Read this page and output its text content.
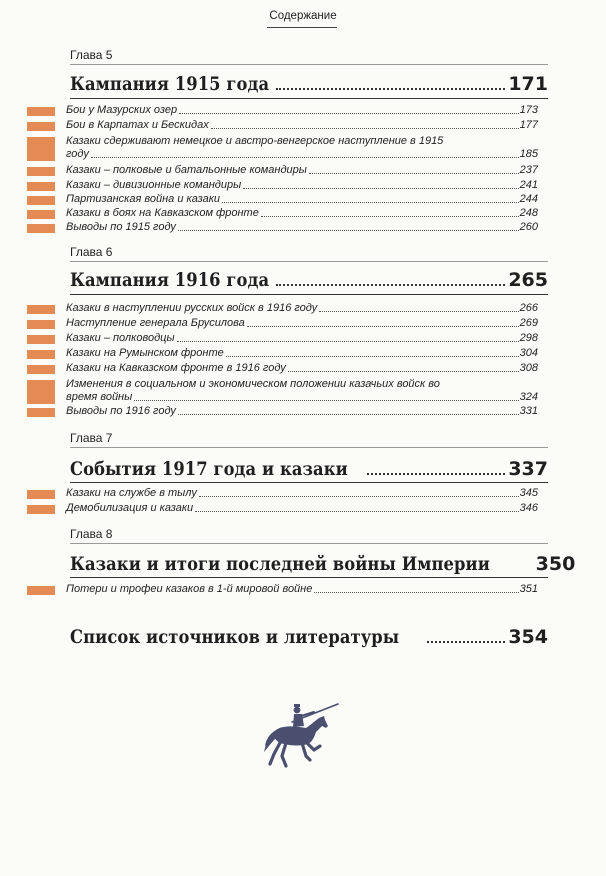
Содержание
Глава 5
Кампания 1915 года	171
Бои у Мазурских озер	173
Бои в Карпатах и Бескидах	177
Казаки сдерживают немецкое и австро-венгерское наступление в 1915
году	185
Казаки – полковые и батальонные командиры	237
Казаки – дивизионные командиры	241
Партизанская война и казаки	244
Казаки в боях на Кавказском фронте	248
Выводы по 1915 году	260
Глава 6
Кампания 1916 года	265
Казаки в наступлении русских войск в 1916 году	266
Наступление генерала Брусилова	269
Казаки – полководцы	298
Казаки на Румынском фронте	304
Казаки на Кавказском фронте в 1916 году	308
Изменения в социальном и экономическом положении казачьих войск во
время войны	324
Выводы по 1916 году	331
Глава 7
События 1917 года и казаки	337
Казаки на службе в тылу	345
Демобилизация и казаки	346
Глава 8
Казаки и итоги последней войны Империи 350
Потери и трофеи казаков в 1-й мировой войне	351
Список источников и литературы	354
